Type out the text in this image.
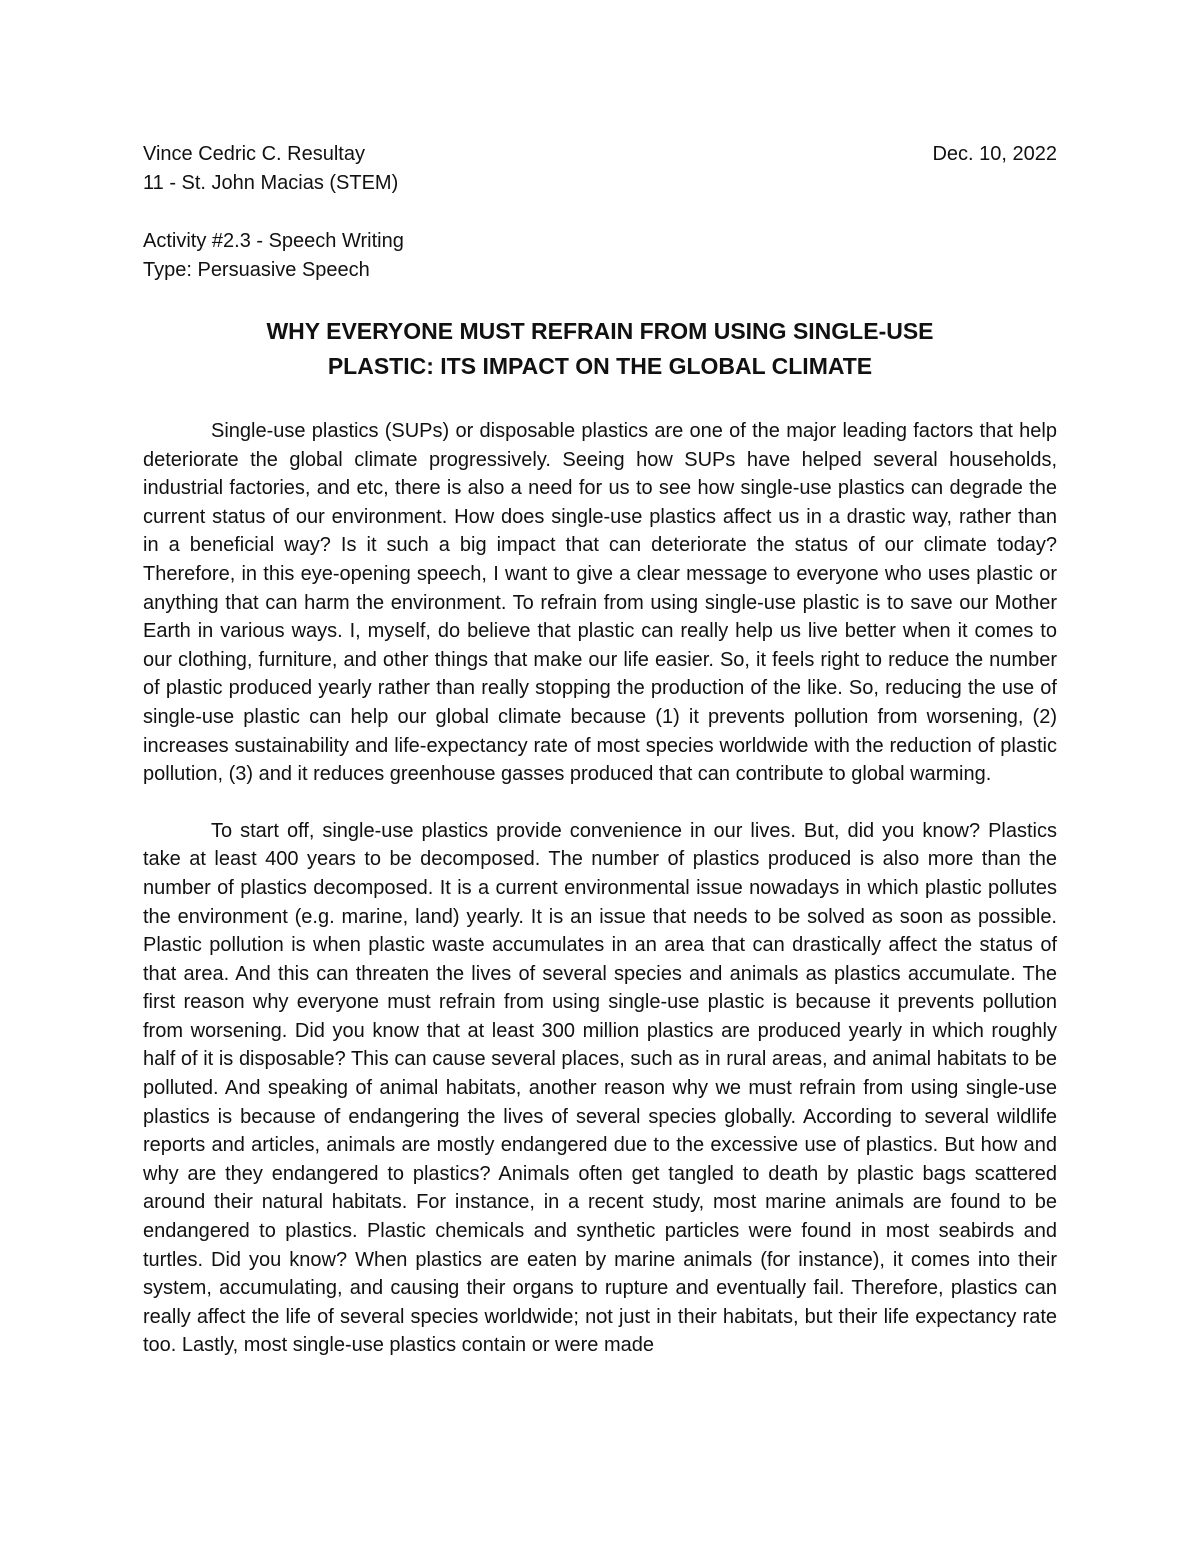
Vince Cedric C. Resultay	Dec. 10, 2022
11 - St. John Macias (STEM)
Activity #2.3 - Speech Writing
Type: Persuasive Speech
WHY EVERYONE MUST REFRAIN FROM USING SINGLE-USE
PLASTIC: ITS IMPACT ON THE GLOBAL CLIMATE

Single-use plastics (SUPs) or disposable plastics are one of the major leading factors that help deteriorate the global climate progressively. Seeing how SUPs have helped several households, industrial factories, and etc, there is also a need for us to see how single-use plastics can degrade the current status of our environment. How does single-use plastics affect us in a drastic way, rather than in a beneficial way? Is it such a big impact that can deteriorate the status of our climate today? Therefore, in this eye-opening speech, I want to give a clear message to everyone who uses plastic or anything that can harm the environment. To refrain from using single-use plastic is to save our Mother Earth in various ways. I, myself, do believe that plastic can really help us live better when it comes to our clothing, furniture, and other things that make our life easier. So, it feels right to reduce the number of plastic produced yearly rather than really stopping the production of the like. So, reducing the use of single-use plastic can help our global climate because (1) it prevents pollution from worsening, (2) increases sustainability and life-expectancy rate of most species worldwide with the reduction of plastic pollution, (3) and it reduces greenhouse gasses produced that can contribute to global warming.

To start off, single-use plastics provide convenience in our lives. But, did you know? Plastics take at least 400 years to be decomposed. The number of plastics produced is also more than the number of plastics decomposed. It is a current environmental issue nowadays in which plastic pollutes the environment (e.g. marine, land) yearly. It is an issue that needs to be solved as soon as possible. Plastic pollution is when plastic waste accumulates in an area that can drastically affect the status of that area. And this can threaten the lives of several species and animals as plastics accumulate. The first reason why everyone must refrain from using single-use plastic is because it prevents pollution from worsening. Did you know that at least 300 million plastics are produced yearly in which roughly half of it is disposable? This can cause several places, such as in rural areas, and animal habitats to be polluted. And speaking of animal habitats, another reason why we must refrain from using single-use plastics is because of endangering the lives of several species globally. According to several wildlife reports and articles, animals are mostly endangered due to the excessive use of plastics. But how and why are they endangered to plastics? Animals often get tangled to death by plastic bags scattered around their natural habitats. For instance, in a recent study, most marine animals are found to be endangered to plastics. Plastic chemicals and synthetic particles were found in most seabirds and turtles. Did you know? When plastics are eaten by marine animals (for instance), it comes into their system, accumulating, and causing their organs to rupture and eventually fail. Therefore, plastics can really affect the life of several species worldwide; not just in their habitats, but their life expectancy rate too. Lastly, most single-use plastics contain or were made
